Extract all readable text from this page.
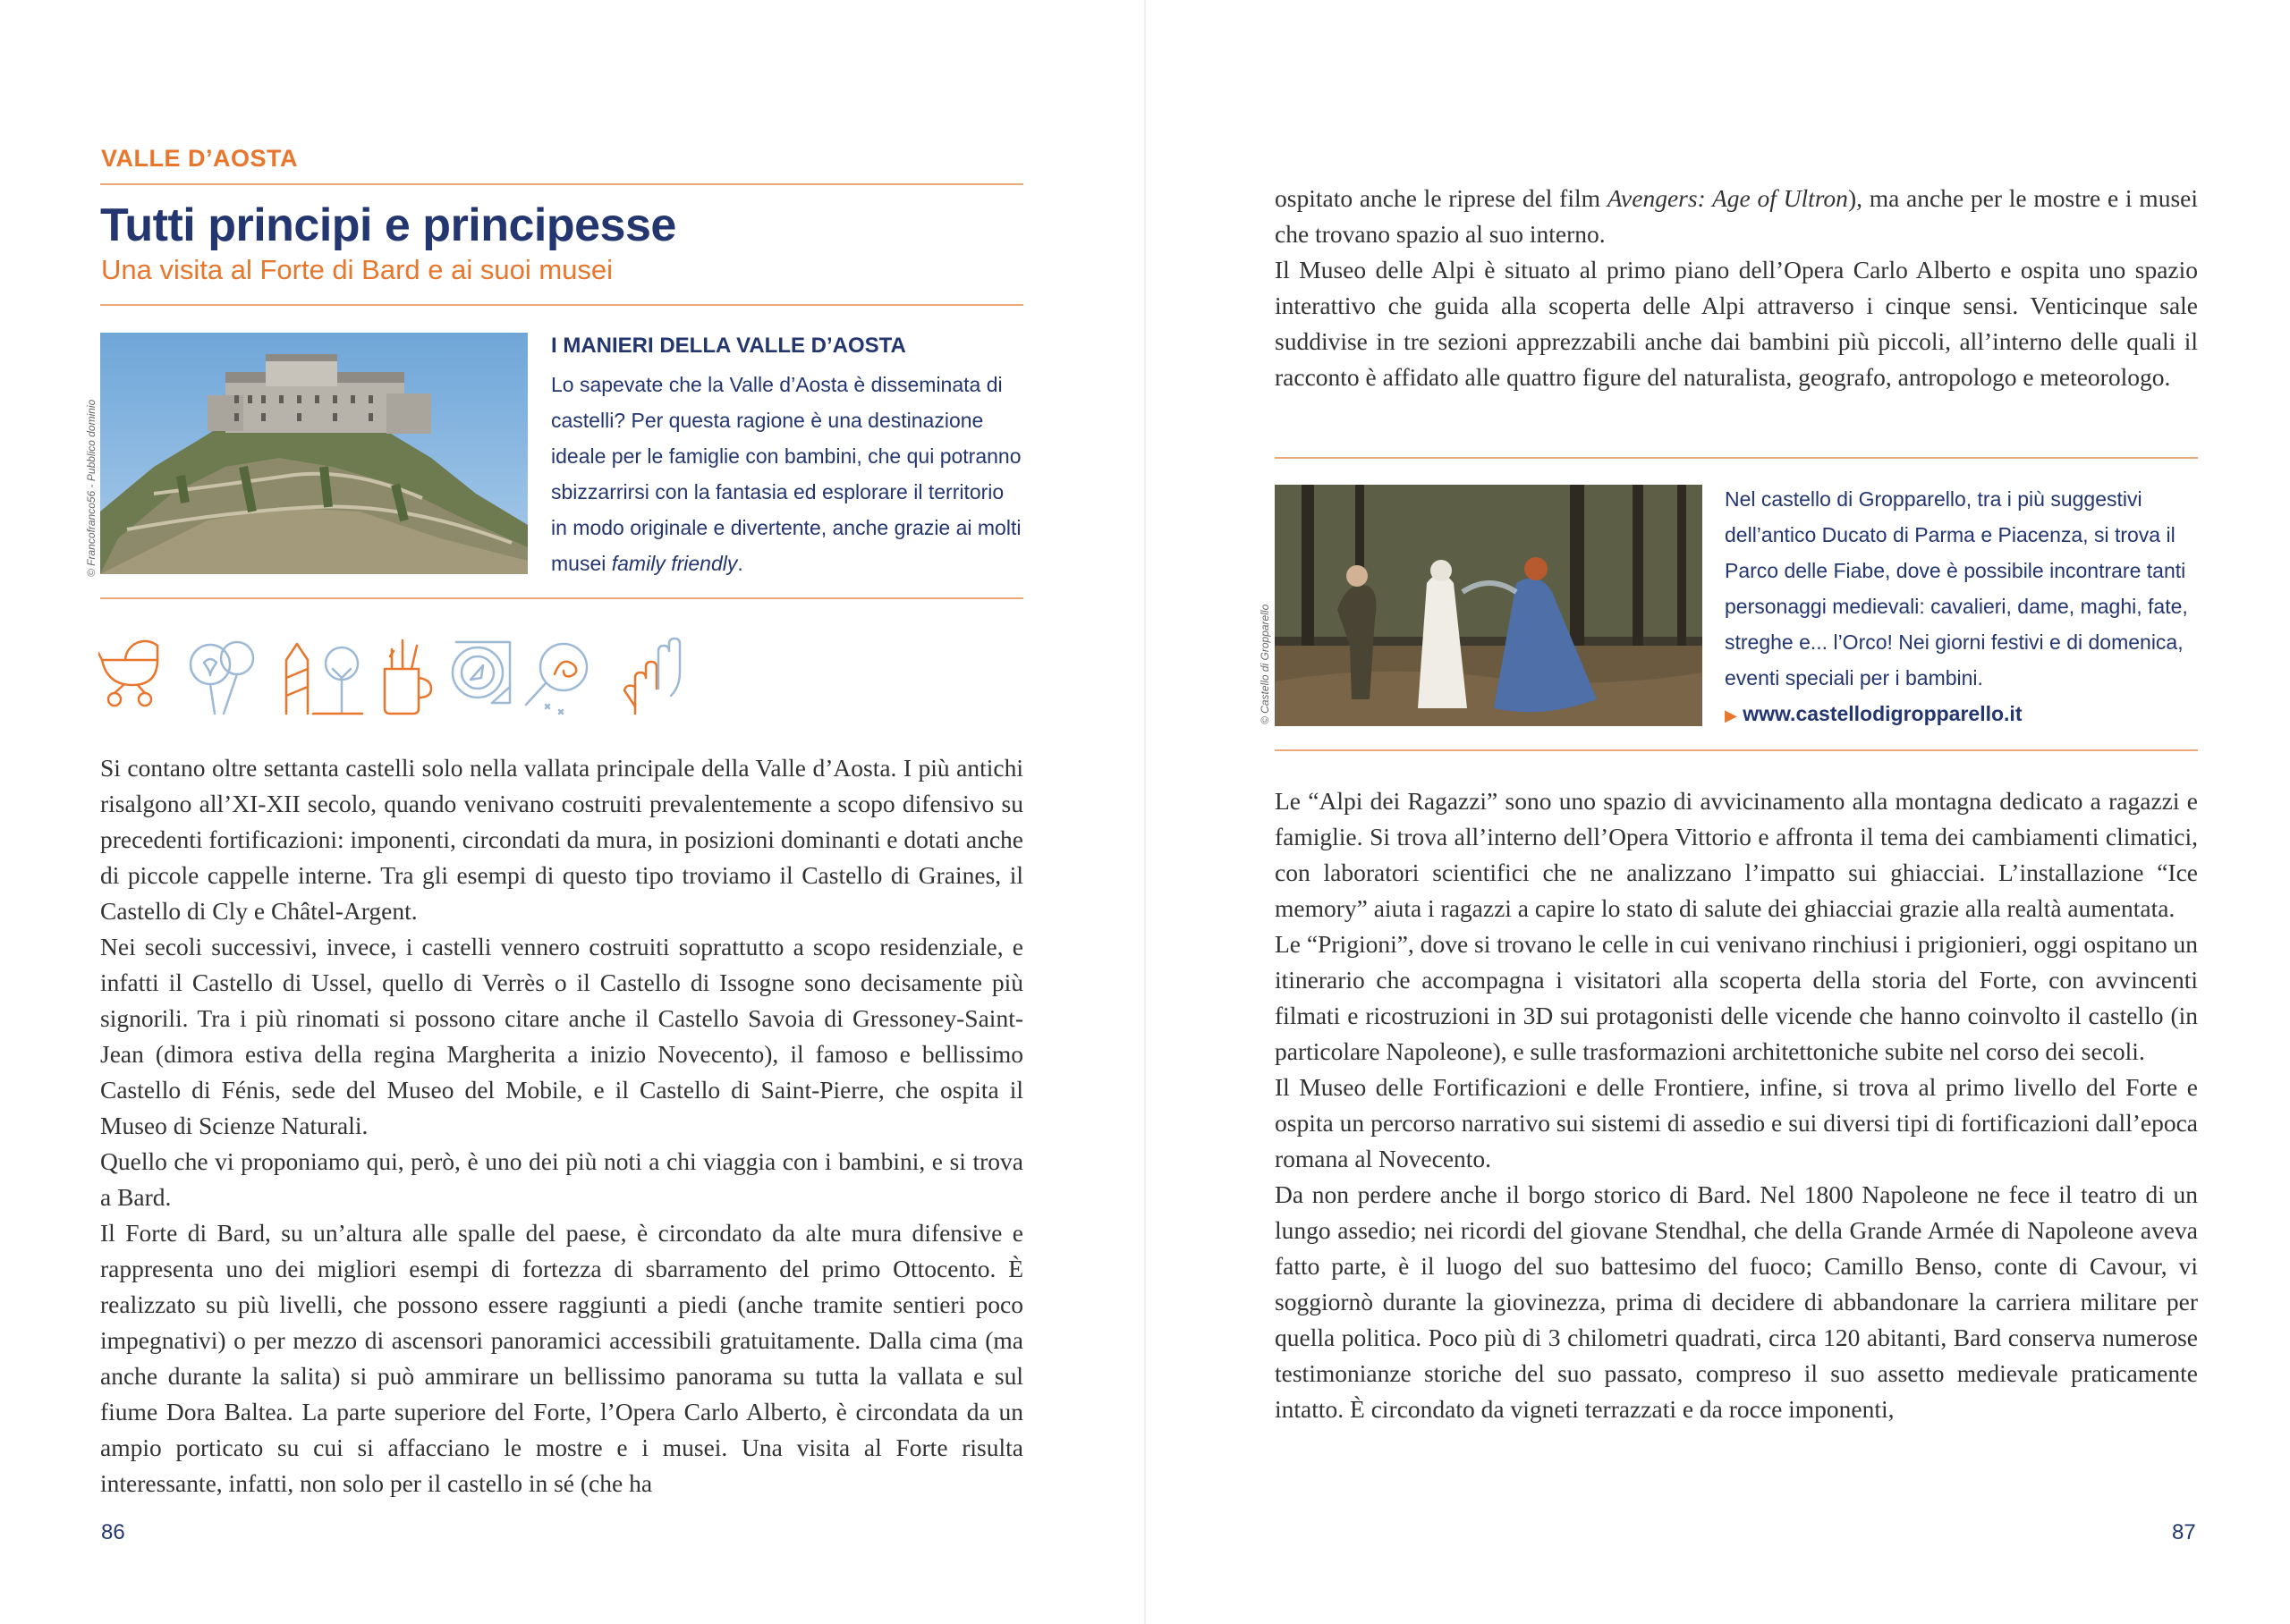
VALLE D’AOSTA
Tutti principi e principesse
Una visita al Forte di Bard e ai suoi musei
© Francofranco56 - Pubblico dominio
I MANIERI DELLA VALLE D’AOSTA
Lo sapevate che la Valle d’Aosta è disseminata di castelli? Per questa ragione è una destinazione ideale per le famiglie con bambini, che qui potranno sbizzarrirsi con la fantasia ed esplorare il territorio in modo originale e divertente, anche grazie ai molti musei family friendly.

Si contano oltre settanta castelli solo nella vallata principale della Valle d’Aosta. I più antichi risalgono all’XI-XII secolo, quando venivano costruiti prevalentemente a scopo difensivo su precedenti fortificazioni: imponenti, circondati da mura, in posizioni dominanti e dotati anche di piccole cappelle interne. Tra gli esempi di questo tipo troviamo il Castello di Graines, il Castello di Cly e Châtel-Argent.

Nei secoli successivi, invece, i castelli vennero costruiti soprattutto a scopo residenziale, e infatti il Castello di Ussel, quello di Verrès o il Castello di Issogne sono decisamente più signorili. Tra i più rinomati si possono citare anche il Castello Savoia di Gressoney-Saint-Jean (dimora estiva della regina Margherita a inizio Novecento), il famoso e bellissimo Castello di Fénis, sede del Museo del Mobile, e il Castello di Saint-Pierre, che ospita il Museo di Scienze Naturali.

Quello che vi proponiamo qui, però, è uno dei più noti a chi viaggia con i bambini, e si trova a Bard.

Il Forte di Bard, su un’altura alle spalle del paese, è circondato da alte mura difensive e rappresenta uno dei migliori esempi di fortezza di sbarramento del primo Ottocento. È realizzato su più livelli, che possono essere raggiunti a piedi (anche tramite sentieri poco impegnativi) o per mezzo di ascensori panoramici accessibili gratuitamente. Dalla cima (ma anche durante la salita) si può ammirare un bellissimo panorama su tutta la vallata e sul fiume Dora Baltea. La parte superiore del Forte, l’Opera Carlo Alberto, è circondata da un ampio porticato su cui si affacciano le mostre e i musei. Una visita al Forte risulta interessante, infatti, non solo per il castello in sé (che ha

86

ospitato anche le riprese del film Avengers: Age of Ultron), ma anche per le mostre e i musei che trovano spazio al suo interno.

Il Museo delle Alpi è situato al primo piano dell’Opera Carlo Alberto e ospita uno spazio interattivo che guida alla scoperta delle Alpi attraverso i cinque sensi. Venticinque sale suddivise in tre sezioni apprezzabili anche dai bambini più piccoli, all’interno delle quali il racconto è affidato alle quattro figure del naturalista, geografo, antropologo e meteorologo.

© Castello di Gropparello
Nel castello di Gropparello, tra i più suggestivi dell’antico Ducato di Parma e Piacenza, si trova il Parco delle Fiabe, dove è possibile incontrare tanti personaggi medievali: cavalieri, dame, maghi, fate, streghe e... l’Orco! Nei giorni festivi e di domenica, eventi speciali per i bambini.
▶ www.castellodigropparello.it

Le “Alpi dei Ragazzi” sono uno spazio di avvicinamento alla montagna dedicato a ragazzi e famiglie. Si trova all’interno dell’Opera Vittorio e affronta il tema dei cambiamenti climatici, con laboratori scientifici che ne analizzano l’impatto sui ghiacciai. L’installazione “Ice memory” aiuta i ragazzi a capire lo stato di salute dei ghiacciai grazie alla realtà aumentata.

Le “Prigioni”, dove si trovano le celle in cui venivano rinchiusi i prigionieri, oggi ospitano un itinerario che accompagna i visitatori alla scoperta della storia del Forte, con avvincenti filmati e ricostruzioni in 3D sui protagonisti delle vicende che hanno coinvolto il castello (in particolare Napoleone), e sulle trasformazioni architettoniche subite nel corso dei secoli.

Il Museo delle Fortificazioni e delle Frontiere, infine, si trova al primo livello del Forte e ospita un percorso narrativo sui sistemi di assedio e sui diversi tipi di fortificazioni dall’epoca romana al Novecento.

Da non perdere anche il borgo storico di Bard. Nel 1800 Napoleone ne fece il teatro di un lungo assedio; nei ricordi del giovane Stendhal, che della Grande Armée di Napoleone aveva fatto parte, è il luogo del suo battesimo del fuoco; Camillo Benso, conte di Cavour, vi soggiornò durante la giovinezza, prima di decidere di abbandonare la carriera militare per quella politica. Poco più di 3 chilometri quadrati, circa 120 abitanti, Bard conserva numerose testimonianze storiche del suo passato, compreso il suo assetto medievale praticamente intatto. È circondato da vigneti terrazzati e da rocce imponenti,

87
